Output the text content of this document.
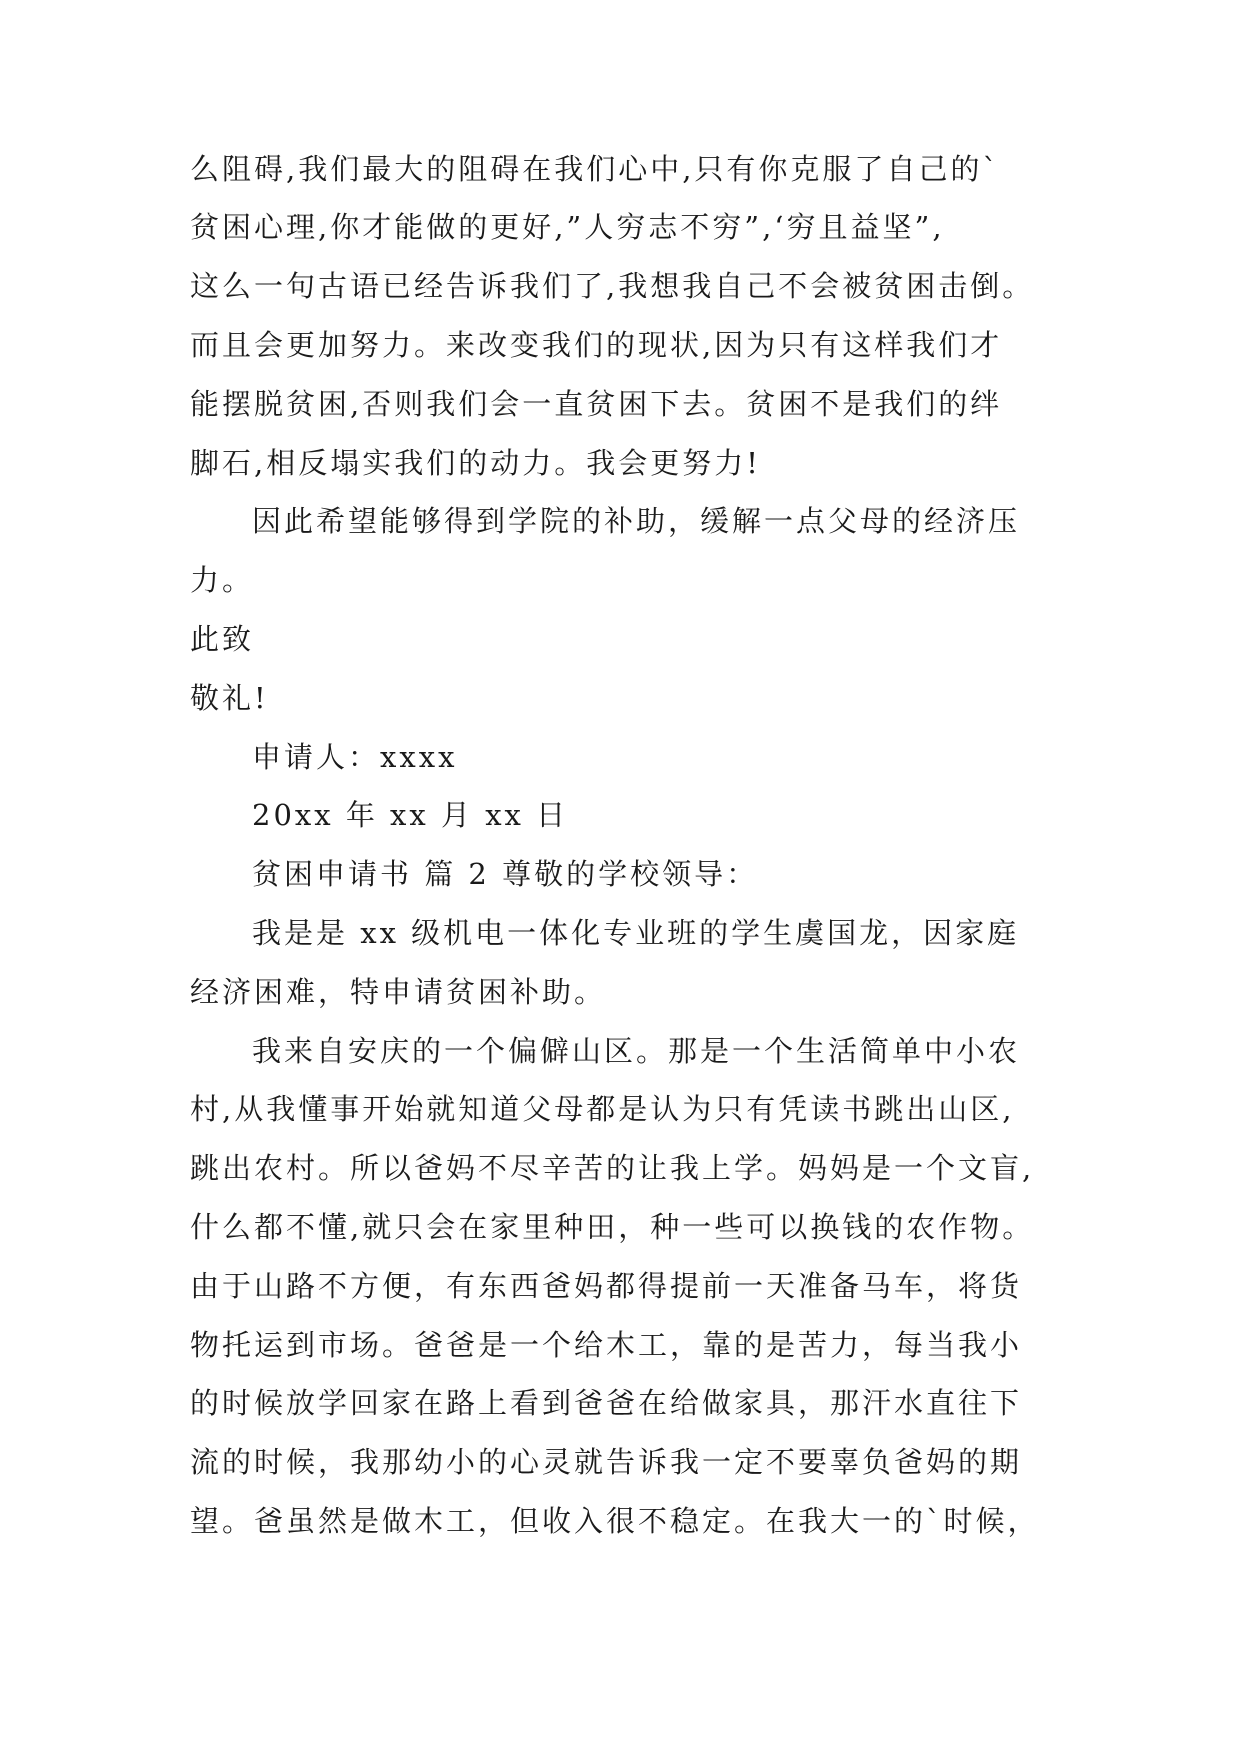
么阻碍,我们最大的阻碍在我们心中,只有你克服了自己的`
贫困心理,你才能做的更好,”人穷志不穷”,‘穷且益坚”,
这么一句古语已经告诉我们了,我想我自己不会被贫困击倒。
而且会更加努力。来改变我们的现状,因为只有这样我们才
能摆脱贫困,否则我们会一直贫困下去。贫困不是我们的绊
脚石,相反塌实我们的动力。我会更努力!
因此希望能够得到学院的补助，缓解一点父母的经济压
力。
此致
敬礼!
申请人：xxxx
20xx 年 xx 月 xx 日
贫困申请书 篇 2 尊敬的学校领导：
我是是 xx 级机电一体化专业班的学生虞国龙，因家庭
经济困难，特申请贫困补助。
我来自安庆的一个偏僻山区。那是一个生活简单中小农
村,从我懂事开始就知道父母都是认为只有凭读书跳出山区,
跳出农村。所以爸妈不尽辛苦的让我上学。妈妈是一个文盲,
什么都不懂,就只会在家里种田，种一些可以换钱的农作物。
由于山路不方便，有东西爸妈都得提前一天准备马车，将货
物托运到市场。爸爸是一个给木工，靠的是苦力，每当我小
的时候放学回家在路上看到爸爸在给做家具，那汗水直往下
流的时候，我那幼小的心灵就告诉我一定不要辜负爸妈的期
望。爸虽然是做木工，但收入很不稳定。在我大一的`时候，
